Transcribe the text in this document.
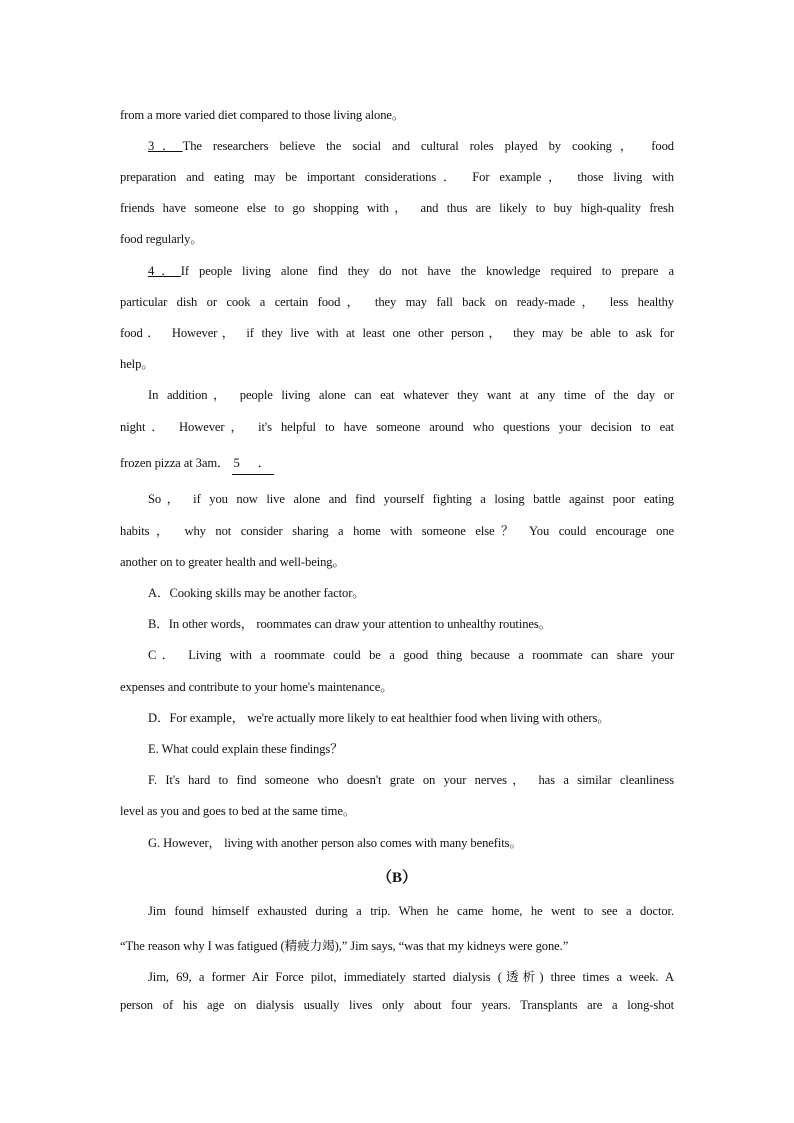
from a more varied diet compared to those living alone。
3．The researchers believe the social and cultural roles played by cooking， food
preparation and eating may be important considerations． For example， those living with
friends have someone else to go shopping with， and thus are likely to buy high-quality fresh
food regularly。
4．If people living alone find they do not have the knowledge required to prepare a
particular dish or cook a certain food， they may fall back on ready-made， less healthy
food． However， if they live with at least one other person， they may be able to ask for
help。
In addition， people living alone can eat whatever they want at any time of the day or
night． However， it's helpful to have someone around who questions your decision to eat
frozen pizza at 3am． 5 ．
So， if you now live alone and find yourself fighting a losing battle against poor eating
habits， why not consider sharing a home with someone else？ You could encourage one
another on to greater health and well-being。
A．Cooking skills may be another factor。
B．In other words， roommates can draw your attention to unhealthy routines。
C． Living with a roommate could be a good thing because a roommate can share your
expenses and contribute to your home's maintenance。
D．For example， we're actually more likely to eat healthier food when living with others。
E. What could explain these findings？
F. It's hard to find someone who doesn't grate on your nerves， has a similar cleanliness
level as you and goes to bed at the same time。
G. However， living with another person also comes with many benefits。
（B）
Jim found himself exhausted during a trip. When he came home, he went to see a doctor.
“The reason why I was fatigued (精疲力竭),” Jim says, “was that my kidneys were gone.”
Jim, 69, a former Air Force pilot, immediately started dialysis (透析) three times a week. A
person of his age on dialysis usually lives only about four years. Transplants are a long-shot
